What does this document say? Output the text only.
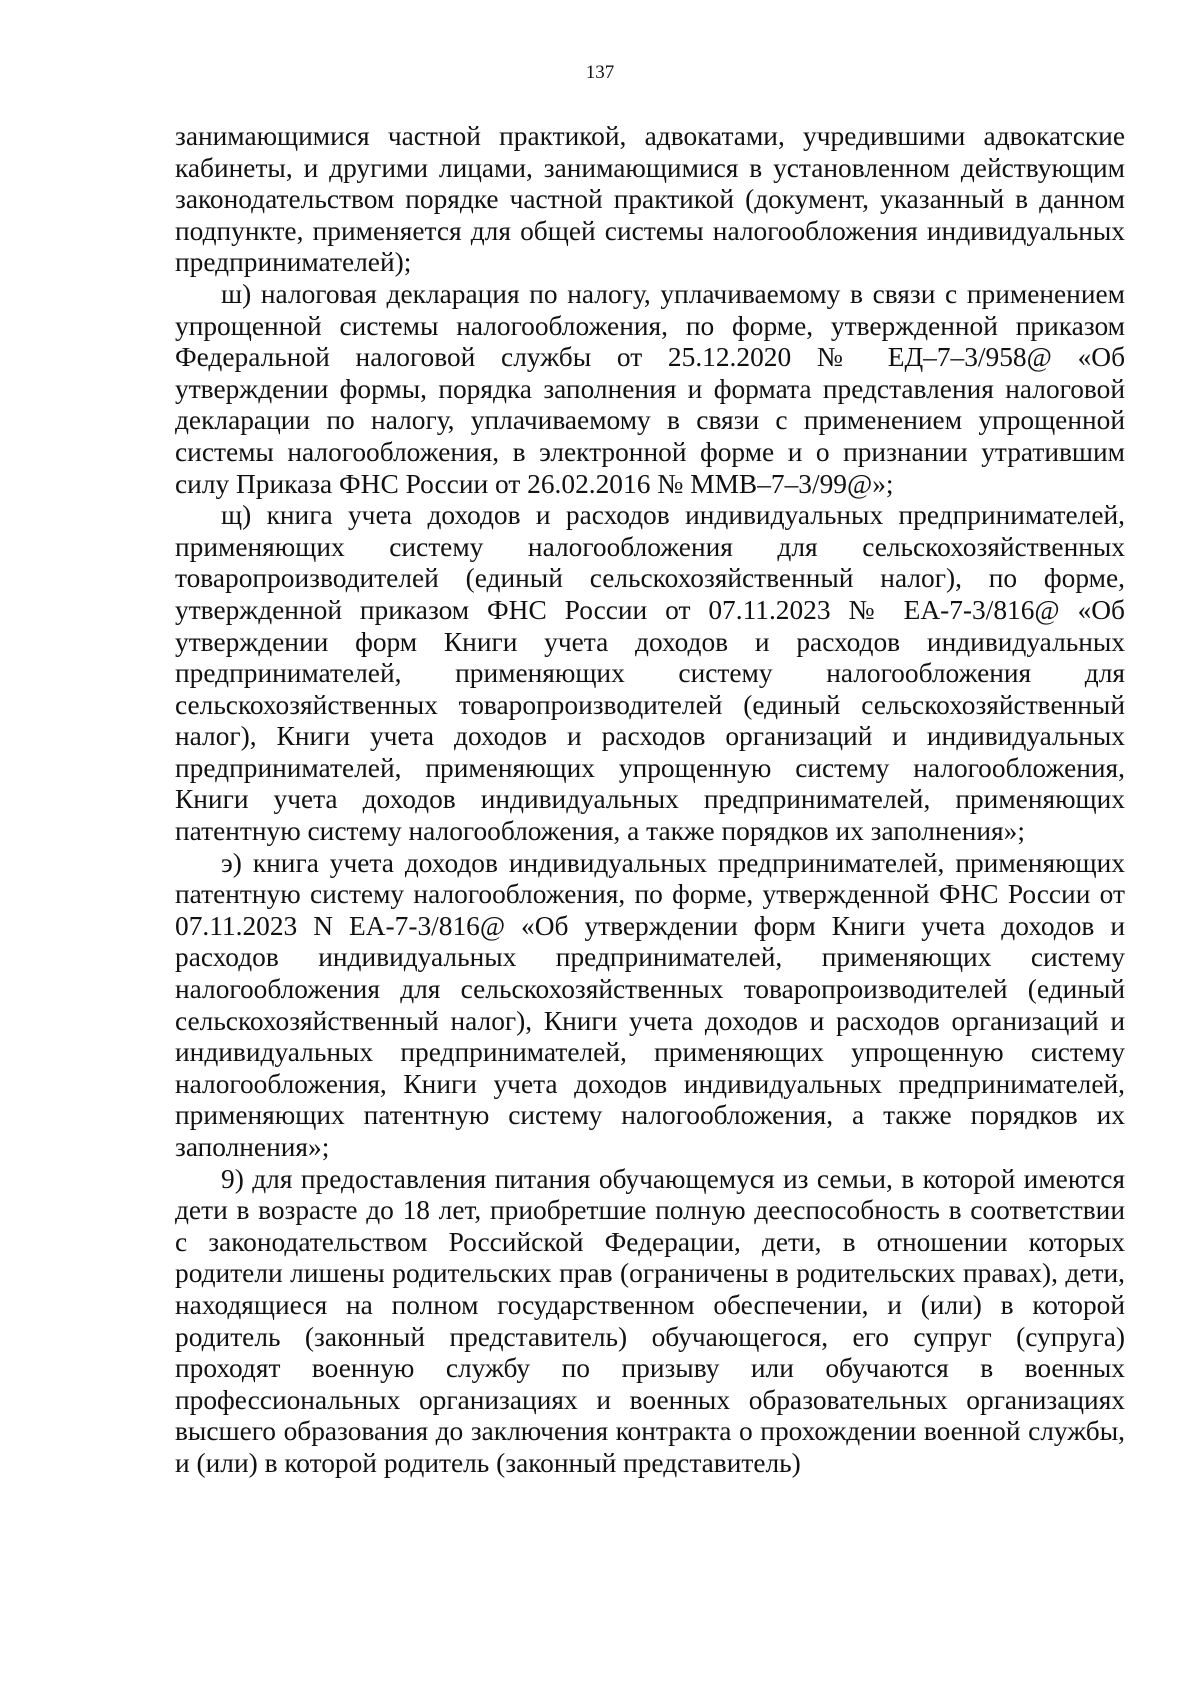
137

занимающимися частной практикой, адвокатами, учредившими адвокатские кабинеты, и другими лицами, занимающимися в установленном действующим законодательством порядке частной практикой (документ, указанный в данном подпункте, применяется для общей системы налогообложения индивидуальных предпринимателей);

ш) налоговая декларация по налогу, уплачиваемому в связи с применением упрощенной системы налогообложения, по форме, утвержденной приказом Федеральной налоговой службы от 25.12.2020 № ЕД–7–3/958@ «Об утверждении формы, порядка заполнения и формата представления налоговой декларации по налогу, уплачиваемому в связи с применением упрощенной системы налогообложения, в электронной форме и о признании утратившим силу Приказа ФНС России от 26.02.2016 № ММВ–7–3/99@»;

щ) книга учета доходов и расходов индивидуальных предпринимателей, применяющих систему налогообложения для сельскохозяйственных товаропроизводителей (единый сельскохозяйственный налог), по форме, утвержденной приказом ФНС России от 07.11.2023 № ЕА-7-3/816@ «Об утверждении форм Книги учета доходов и расходов индивидуальных предпринимателей, применяющих систему налогообложения для сельскохозяйственных товаропроизводителей (единый сельскохозяйственный налог), Книги учета доходов и расходов организаций и индивидуальных предпринимателей, применяющих упрощенную систему налогообложения, Книги учета доходов индивидуальных предпринимателей, применяющих патентную систему налогообложения, а также порядков их заполнения»;

э) книга учета доходов индивидуальных предпринимателей, применяющих патентную систему налогообложения, по форме, утвержденной ФНС России от 07.11.2023 N ЕА-7-3/816@ «Об утверждении форм Книги учета доходов и расходов индивидуальных предпринимателей, применяющих систему налогообложения для сельскохозяйственных товаропроизводителей (единый сельскохозяйственный налог), Книги учета доходов и расходов организаций и индивидуальных предпринимателей, применяющих упрощенную систему налогообложения, Книги учета доходов индивидуальных предпринимателей, применяющих патентную систему налогообложения, а также порядков их заполнения»;

9) для предоставления питания обучающемуся из семьи, в которой имеются дети в возрасте до 18 лет, приобретшие полную дееспособность в соответствии с законодательством Российской Федерации, дети, в отношении которых родители лишены родительских прав (ограничены в родительских правах), дети, находящиеся на полном государственном обеспечении, и (или) в которой родитель (законный представитель) обучающегося, его супруг (супруга) проходят военную службу по призыву или обучаются в военных профессиональных организациях и военных образовательных организациях высшего образования до заключения контракта о прохождении военной службы, и (или) в которой родитель (законный представитель)
